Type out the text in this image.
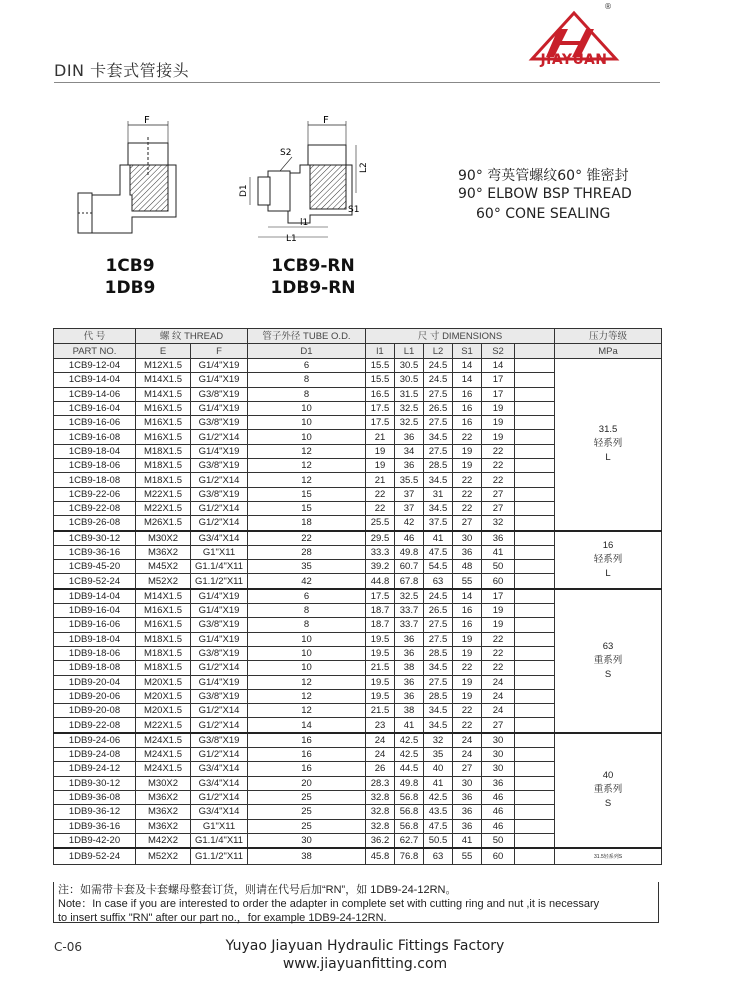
DIN 卡套式管接头
®
JIAYUAN
F	F
L2
S2
S1
D1
l1
L1
1CB9
1DB9
1CB9-RN
1DB9-RN
90° 弯英管螺纹60° 锥密封
90° ELBOW BSP THREAD
60° CONE SEALING
代 号	螺 纹 THREAD		管子外径 TUBE O.D.	尺 寸 DIMENSIONS						压力等级
PART NO.	E	F	D1	l1	L1	L2	S1	S2		MPa
1CB9-12-04	M12X1.5	G1/4"X19	6	15.5	30.5	24.5	14	14		31.5
轻系列
L

1CB9-14-04	M14X1.5	G1/4"X19	8	15.5	30.5	24.5	14	17		
1CB9-14-06	M14X1.5	G3/8"X19	8	16.5	31.5	27.5	16	17		
1CB9-16-04	M16X1.5	G1/4"X19	10	17.5	32.5	26.5	16	19		
1CB9-16-06	M16X1.5	G3/8"X19	10	17.5	32.5	27.5	16	19		
1CB9-16-08	M16X1.5	G1/2"X14	10	21	36	34.5	22	19		
1CB9-18-04	M18X1.5	G1/4"X19	12	19	34	27.5	19	22		
1CB9-18-06	M18X1.5	G3/8"X19	12	19	36	28.5	19	22		
1CB9-18-08	M18X1.5	G1/2"X14	12	21	35.5	34.5	22	22		
1CB9-22-06	M22X1.5	G3/8"X19	15	22	37	31	22	27		
1CB9-22-08	M22X1.5	G1/2"X14	15	22	37	34.5	22	27		
1CB9-26-08	M26X1.5	G1/2"X14	18	25.5	42	37.5	27	32		
1CB9-30-12	M30X2	G3/4"X14	22	29.5	46	41	30	36		16
轻系列
L

1CB9-36-16	M36X2	G1"X11	28	33.3	49.8	47.5	36	41		
1CB9-45-20	M45X2	G1.1/4"X11	35	39.2	60.7	54.5	48	50		
1CB9-52-24	M52X2	G1.1/2"X11	42	44.8	67.8	63	55	60		
1DB9-14-04	M14X1.5	G1/4"X19	6	17.5	32.5	24.5	14	17		63
重系列
S

1DB9-16-04	M16X1.5	G1/4"X19	8	18.7	33.7	26.5	16	19		
1DB9-16-06	M16X1.5	G3/8"X19	8	18.7	33.7	27.5	16	19		
1DB9-18-04	M18X1.5	G1/4"X19	10	19.5	36	27.5	19	22		
1DB9-18-06	M18X1.5	G3/8"X19	10	19.5	36	28.5	19	22		
1DB9-18-08	M18X1.5	G1/2"X14	10	21.5	38	34.5	22	22		
1DB9-20-04	M20X1.5	G1/4"X19	12	19.5	36	27.5	19	24		
1DB9-20-06	M20X1.5	G3/8"X19	12	19.5	36	28.5	19	24		
1DB9-20-08	M20X1.5	G1/2"X14	12	21.5	38	34.5	22	24		
1DB9-22-08	M22X1.5	G1/2"X14	14	23	41	34.5	22	27		
1DB9-24-06	M24X1.5	G3/8"X19	16	24	42.5	32	24	30		40
重系列
S

1DB9-24-08	M24X1.5	G1/2"X14	16	24	42.5	35	24	30		
1DB9-24-12	M24X1.5	G3/4"X14	16	26	44.5	40	27	30		
1DB9-30-12	M30X2	G3/4"X14	20	28.3	49.8	41	30	36		
1DB9-36-08	M36X2	G1/2"X14	25	32.8	56.8	42.5	36	46		
1DB9-36-12	M36X2	G3/4"X14	25	32.8	56.8	43.5	36	46		
1DB9-36-16	M36X2	G1"X11	25	32.8	56.8	47.5	36	46		
1DB9-42-20	M42X2	G1.1/4"X11	30	36.2	62.7	50.5	41	50		
1DB9-52-24	M52X2	G1.1/2"X11	38	45.8	76.8	63	55	60		31.5轻系列S
注：如需带卡套及卡套螺母整套订货，则请在代号后加“RN”，如 1DB9-24-12RN。
Note：In case if you are interested to order the adapter in complete set with cutting ring and nut ,it is necessary
to insert suffix "RN" after our part no.，for example 1DB9-24-12RN.
C-06	Yuyao Jiayuan Hydraulic Fittings Factory
www.jiayuanfitting.com
